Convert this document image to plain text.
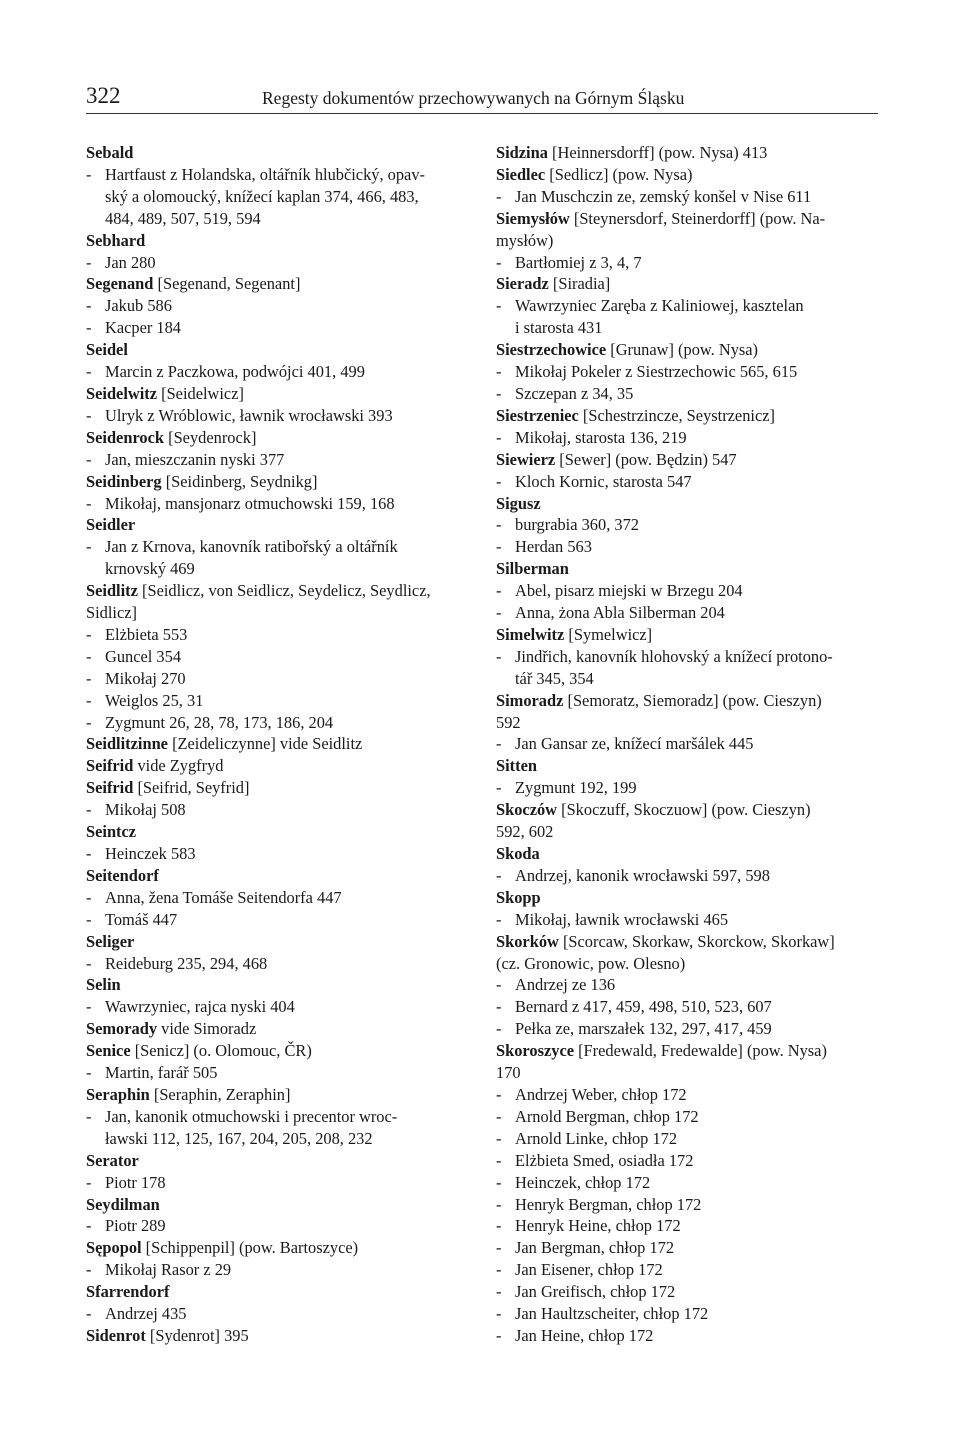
322	Regesty dokumentów przechowywanych na Górnym Śląsku
Sebald
- Hartfaust z Holandska, oltářník hlubčický, opav-
ský a olomoucký, knížecí kaplan 374, 466, 483,
484, 489, 507, 519, 594
Sebhard
- Jan 280
Segenand [Segenand, Segenant]
- Jakub 586
- Kacper 184
Seidel
- Marcin z Paczkowa, podwójci 401, 499
Seidelwitz [Seidelwicz]
- Ulryk z Wróblowic, ławnik wrocławski 393
Seidenrock [Seydenrock]
- Jan, mieszczanin nyski 377
Seidinberg [Seidinberg, Seydnikg]
- Mikołaj, mansjonarz otmuchowski 159, 168
Seidler
- Jan z Krnova, kanovník ratibořský a oltářník
krnovský 469
Seidlitz [Seidlicz, von Seidlicz, Seydelicz, Seydlicz,
Sidlicz]
- Elżbieta 553
- Guncel 354
- Mikołaj 270
- Weiglos 25, 31
- Zygmunt 26, 28, 78, 173, 186, 204
Seidlitzinne [Zeideliczynne] vide Seidlitz
Seifrid vide Zygfryd
Seifrid [Seifrid, Seyfrid]
- Mikołaj 508
Seintcz
- Heinczek 583
Seitendorf
- Anna, žena Tomáše Seitendorfa 447
- Tomáš 447
Seliger
- Reideburg 235, 294, 468
Selin
- Wawrzyniec, rajca nyski 404
Semorady vide Simoradz
Senice [Senicz] (o. Olomouc, ČR)
- Martin, farář 505
Seraphin [Seraphin, Zeraphin]
- Jan, kanonik otmuchowski i precentor wroc-
ławski 112, 125, 167, 204, 205, 208, 232
Serator
- Piotr 178
Seydilman
- Piotr 289
Sępopol [Schippenpil] (pow. Bartoszyce)
- Mikołaj Rasor z 29
Sfarrendorf
- Andrzej 435
Sidenrot [Sydenrot] 395
Sidzina [Heinnersdorff] (pow. Nysa) 413
Siedlec [Sedlicz] (pow. Nysa)
- Jan Muschczin ze, zemský konšel v Nise 611
Siemysłów [Steynersdorf, Steinerdorff] (pow. Na-
mysłów)
- Bartłomiej z 3, 4, 7
Sieradz [Siradia]
- Wawrzyniec Zaręba z Kaliniowej, kasztelan
i starosta 431
Siestrzechowice [Grunaw] (pow. Nysa)
- Mikołaj Pokeler z Siestrzechowic 565, 615
- Szczepan z 34, 35
Siestrzeniec [Schestrzincze, Seystrzenicz]
- Mikołaj, starosta 136, 219
Siewierz [Sewer] (pow. Będzin) 547
- Kloch Kornic, starosta 547
Sigusz
- burgrabia 360, 372
- Herdan 563
Silberman
- Abel, pisarz miejski w Brzegu 204
- Anna, żona Abla Silberman 204
Simelwitz [Symelwicz]
- Jindřich, kanovník hlohovský a knížecí protono-
tář 345, 354
Simoradz [Semoratz, Siemoradz] (pow. Cieszyn)
592
- Jan Gansar ze, knížecí maršálek 445
Sitten
- Zygmunt 192, 199
Skoczów [Skoczuff, Skoczuow] (pow. Cieszyn)
592, 602
Skoda
- Andrzej, kanonik wrocławski 597, 598
Skopp
- Mikołaj, ławnik wrocławski 465
Skorków [Scorcaw, Skorkaw, Skorckow, Skorkaw]
(cz. Gronowic, pow. Olesno)
- Andrzej ze 136
- Bernard z 417, 459, 498, 510, 523, 607
- Pełka ze, marszałek 132, 297, 417, 459
Skoroszyce [Fredewald, Fredewalde] (pow. Nysa)
170
- Andrzej Weber, chłop 172
- Arnold Bergman, chłop 172
- Arnold Linke, chłop 172
- Elżbieta Smed, osiadła 172
- Heinczek, chłop 172
- Henryk Bergman, chłop 172
- Henryk Heine, chłop 172
- Jan Bergman, chłop 172
- Jan Eisener, chłop 172
- Jan Greifisch, chłop 172
- Jan Haultzscheiter, chłop 172
- Jan Heine, chłop 172
